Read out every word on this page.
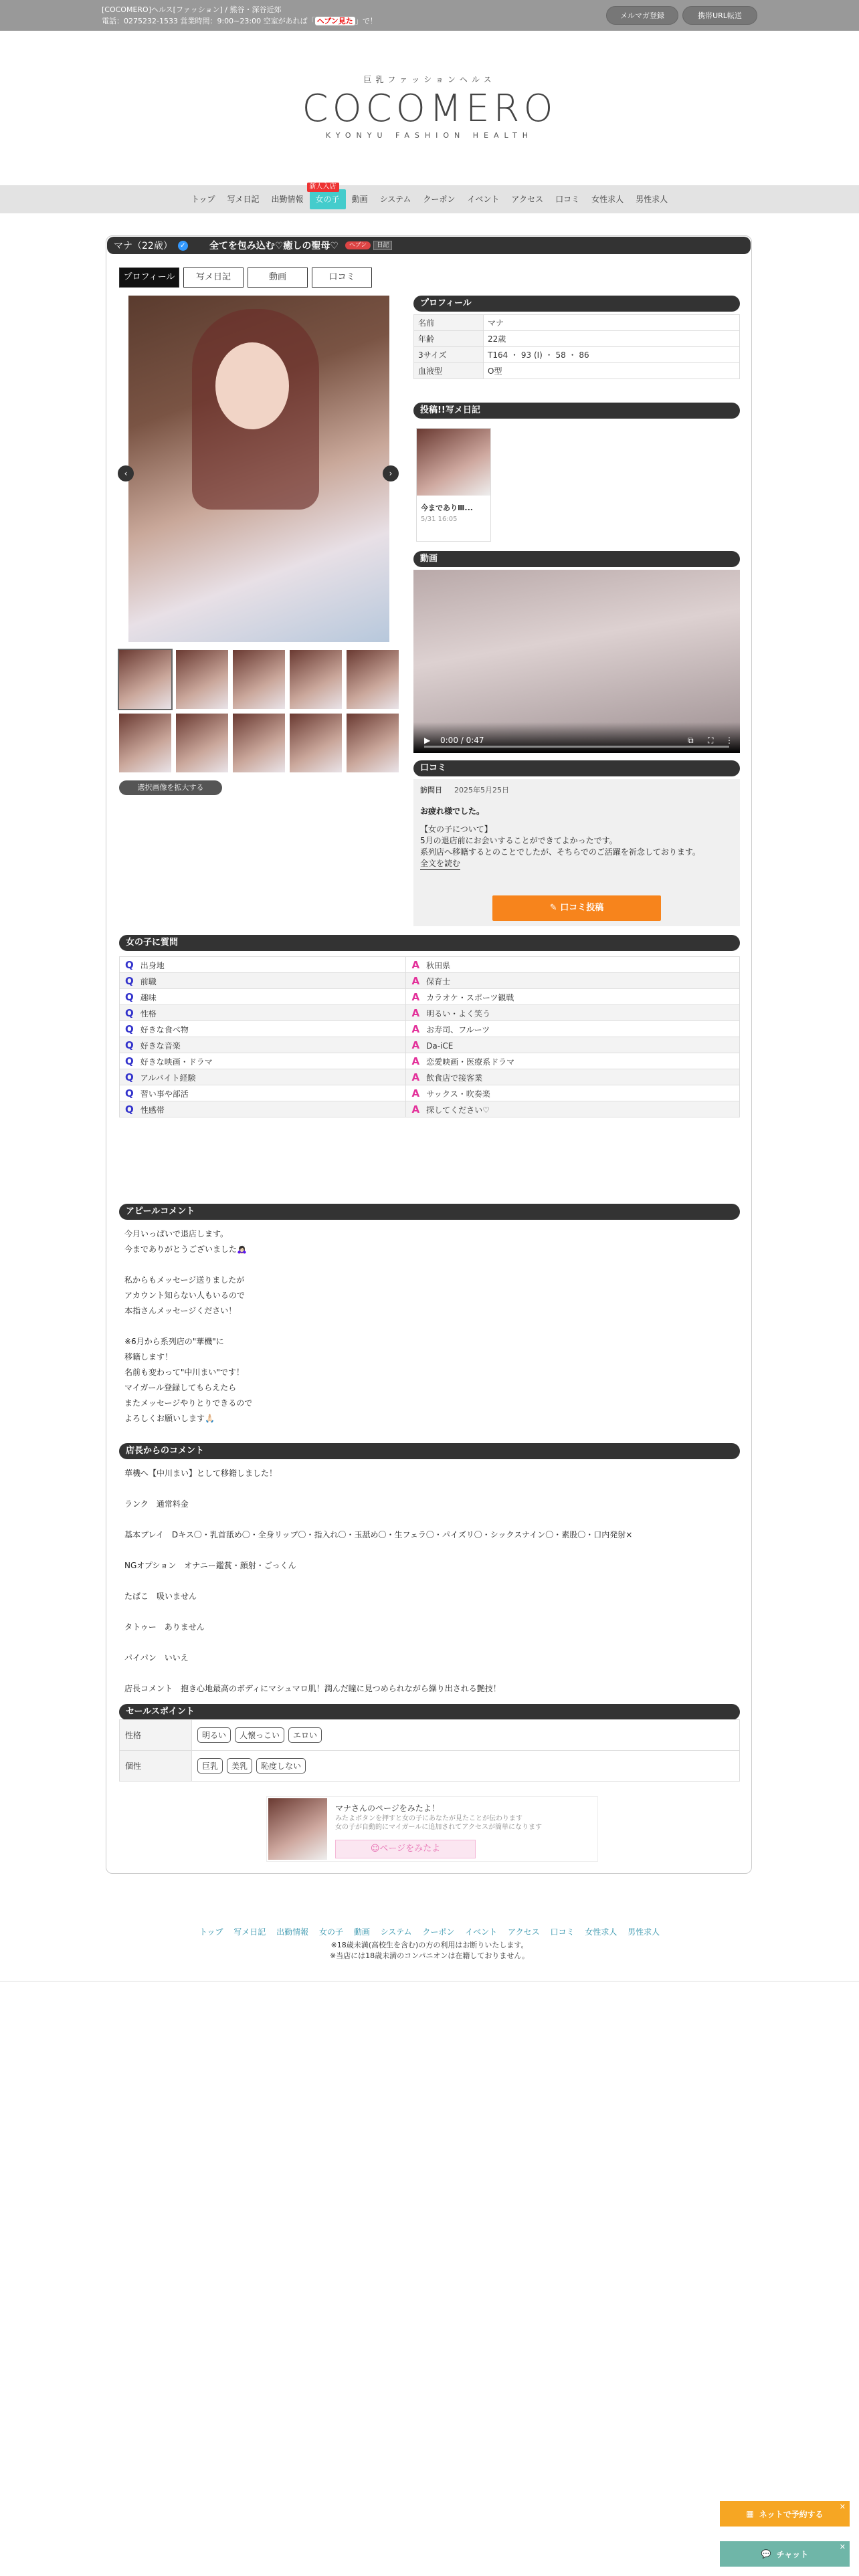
[COCOMERO]ヘルス[ファッション] / 熊谷・深谷近郊
電話：0275232-1533 営業時間：9:00~23:00 空室があれば「 ヘブン見た 」で！
メルマガ登録	携帯URL転送
巨乳ファッションヘルス
COCOMERO
KYONYU FASHION HEALTH
トップ	写メ日記	出勤情報
新人入店
女の子	動画	システム	クーポン	イベント	アクセス	口コミ	女性求人	男性求人
マナ（22歳）	✓	全てを包み込む♡癒しの聖母♡	ヘブン	日記
プロフィール	写メ日記	動画	口コミ
‹	›
選択画像を拡大する
プロフィール
名前	マナ
年齢	22歳
3サイズ	T164 ・ 93 (I) ・ 58 ・ 86
血液型	O型
投稿!!写メ日記
今までありⅢ...
5/31 16:05
動画
▶ 0:00 / 0:47	⧉ ⛶ ⋮
口コミ
訪問日 2025年5月25日
お疲れ様でした。
【女の子について】
5月の退店前にお会いすることができてよかったです。
系列店へ移籍するとのことでしたが、そちらでのご活躍を祈念しております。
全文を読む
✎ 口コミ投稿
女の子に質問
Q 出身地	A 秋田県
Q 前職	A 保育士
Q 趣味	A カラオケ・スポーツ観戦
Q 性格	A 明るい・よく笑う
Q 好きな食べ物	A お寿司、フルーツ
Q 好きな音楽	A Da-iCE
Q 好きな映画・ドラマ	A 恋愛映画・医療系ドラマ
Q アルバイト経験	A 飲食店で接客業
Q 習い事や部活	A サックス・吹奏楽
Q 性感帯	A 探してください♡
アピールコメント
今月いっぱいで退店します。
今までありがとうございました🙇🏻‍♀️

私からもメッセージ送りましたが
アカウント知らない人もいるので
本指さんメッセージください！

※6月から系列店の"華機"に
移籍します！
名前も変わって"中川まい"です！
マイガール登録してもらえたら
またメッセージやりとりできるので
よろしくお願いします🙏🏻
店長からのコメント
華機へ【中川まい】として移籍しました！

ランク　通常料金

基本プレイ　Dキス〇・乳首舐め〇・全身リップ〇・指入れ〇・玉舐め〇・生フェラ〇・パイズリ〇・シックスナイン〇・素股〇・口内発射×

NGオプション　オナニー鑑賞・顔射・ごっくん

たばこ　吸いません

タトゥー　ありません

パイパン　いいえ

店長コメント　抱き心地最高のボディにマシュマロ肌！潤んだ瞳に見つめられながら繰り出される艶技！
セールスポイント
性格	明るい 人懐っこい エロい
個性	巨乳 美乳 恥度しない
マナさんのページをみたよ！
みたよボタンを押すと女の子にあなたが見たことが伝わります
女の子が自動的にマイガールに追加されてアクセスが簡単になります
☺ページをみたよ
トップ 写メ日記 出勤情報 女の子 動画 システム クーポン イベント アクセス 口コミ 女性求人 男性求人
※18歳未満(高校生を含む)の方の利用はお断りいたします。
※当店には18歳未満のコンパニオンは在籍しておりません。
▦ ネットで予約する
✕
💬 チャット
✕
